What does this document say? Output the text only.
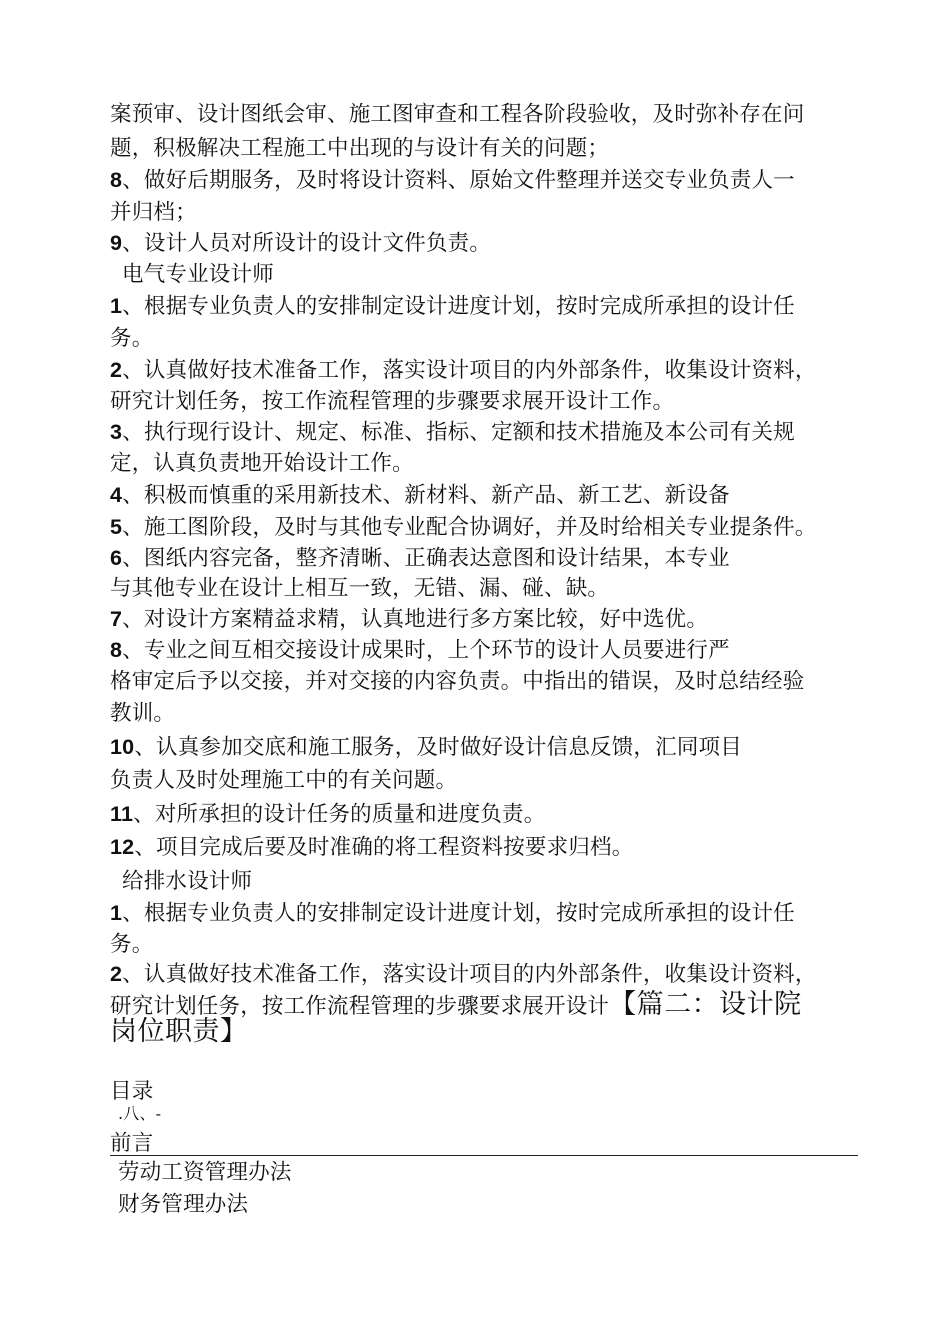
案预审、设计图纸会审、施工图审查和工程各阶段验收，及时弥补存在问
题，积极解决工程施工中出现的与设计有关的问题；
8、做好后期服务，及时将设计资料、原始文件整理并送交专业负责人一
并归档；
9、设计人员对所设计的设计文件负责。
电气专业设计师
1、根据专业负责人的安排制定设计进度计划，按时完成所承担的设计任
务。
2、认真做好技术准备工作，落实设计项目的内外部条件，收集设计资料，
研究计划任务，按工作流程管理的步骤要求展开设计工作。
3、执行现行设计、规定、标准、指标、定额和技术措施及本公司有关规
定，认真负责地开始设计工作。
4、积极而慎重的采用新技术、新材料、新产品、新工艺、新设备
5、施工图阶段，及时与其他专业配合协调好，并及时给相关专业提条件。
6、图纸内容完备，整齐清晰、正确表达意图和设计结果，本专业
与其他专业在设计上相互一致，无错、漏、碰、缺。
7、对设计方案精益求精，认真地进行多方案比较，好中选优。
8、专业之间互相交接设计成果时，上个环节的设计人员要进行严
格审定后予以交接，并对交接的内容负责。中指出的错误，及时总结经验
教训。
10、认真参加交底和施工服务，及时做好设计信息反馈，汇同项目
负责人及时处理施工中的有关问题。
11、对所承担的设计任务的质量和进度负责。
12、项目完成后要及时准确的将工程资料按要求归档。
给排水设计师
1、根据专业负责人的安排制定设计进度计划，按时完成所承担的设计任
务。
2、认真做好技术准备工作，落实设计项目的内外部条件，收集设计资料，
研究计划任务，按工作流程管理的步骤要求展开设计【篇二：设计院
岗位职责】
目录
.八、-
前言
劳动工资管理办法
财务管理办法
